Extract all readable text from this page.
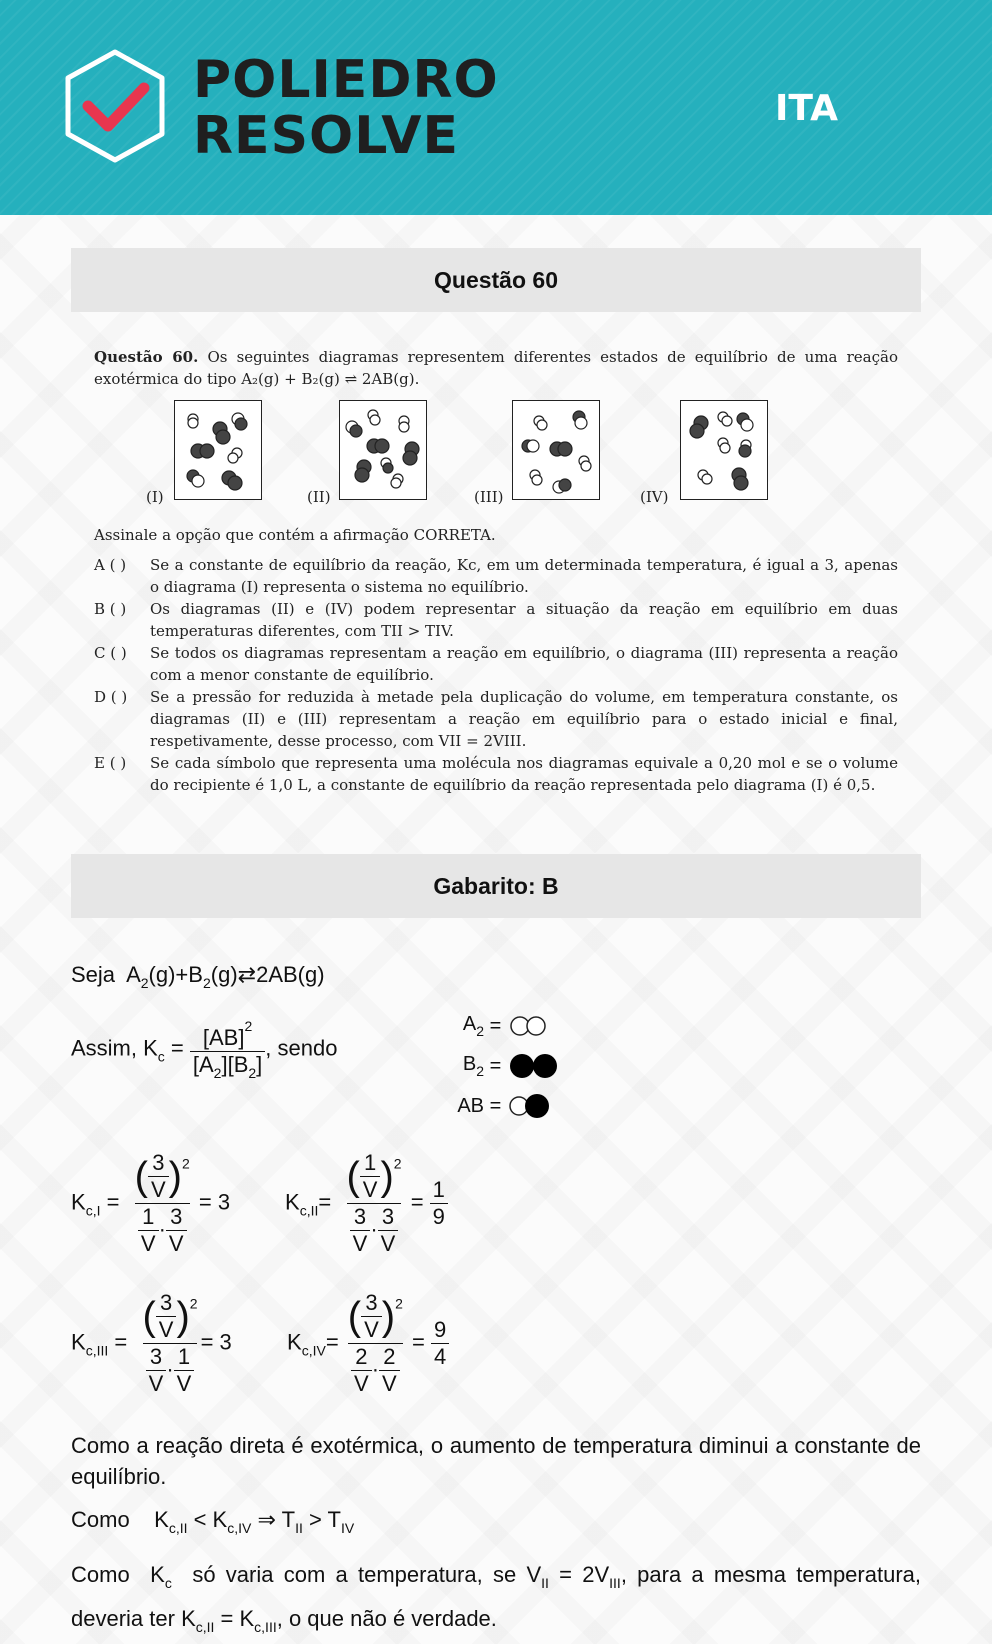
POLIEDRO
RESOLVE	ITA
Questão 60
Questão 60. Os seguintes diagramas representem diferentes estados de equilíbrio de uma reação exotérmica do tipo A₂(g) + B₂(g) ⇌ 2AB(g).
(I)	(II)	(III)	(IV)
Assinale a opção que contém a afirmação CORRETA.
A ( )	Se a constante de equilíbrio da reação, Kc, em um determinada temperatura, é igual a 3, apenas o diagrama (I) representa o sistema no equilíbrio.
B ( )	Os diagramas (II) e (IV) podem representar a situação da reação em equilíbrio em duas temperaturas diferentes, com TII > TIV.
C ( )	Se todos os diagramas representam a reação em equilíbrio, o diagrama (III) representa a reação com a menor constante de equilíbrio.
D ( )	Se a pressão for reduzida à metade pela duplicação do volume, em temperatura constante, os diagramas (II) e (III) representam a reação em equilíbrio para o estado inicial e final, respetivamente, desse processo, com VII = 2VIII.
E ( )	Se cada símbolo que representa uma molécula nos diagramas equivale a 0,20 mol e se o volume do recipiente é 1,0 L, a constante de equilíbrio da reação representada pelo diagrama (I) é 0,5.
Gabarito: B
Seja $A_2(g)+B_2(g)⇄2AB(g)$
Assim, $K_c = \frac{[AB]^2}{[A_2][B_2]}$ , sendo
$A_2$
=

$B_2$
=

AB
=

$K_{c,I} = \frac{( \frac{3}{V} )^2}{\frac{1}{V} \cdot \frac{3}{V}} = 3$ $K_{c,II}= \frac{( \frac{1}{V} )^2}{\frac{3}{V} \cdot \frac{3}{V}} = \frac{1}{9}$
$K_{c,III} = \frac{( \frac{3}{V} )^2}{\frac{3}{V} \cdot \frac{1}{V}} = 3$	$K_{c,IV}= \frac{( \frac{3}{V} )^2}{\frac{2}{V} \cdot \frac{2}{V}} = \frac{9}{4}$
Como a reação direta é exotérmica, o aumento de temperatura diminui a constante de equilíbrio.
Como    $K_{c,II} < K_{c,IV}$ ⇒ $T_{II} > T_{IV}$
Como  $K_c$ só varia com a temperatura, se $V_{II} = 2V_{III}$, para a mesma temperatura, deveria ter $K_{c,II} = K_{c,III}$, o que não é verdade.
